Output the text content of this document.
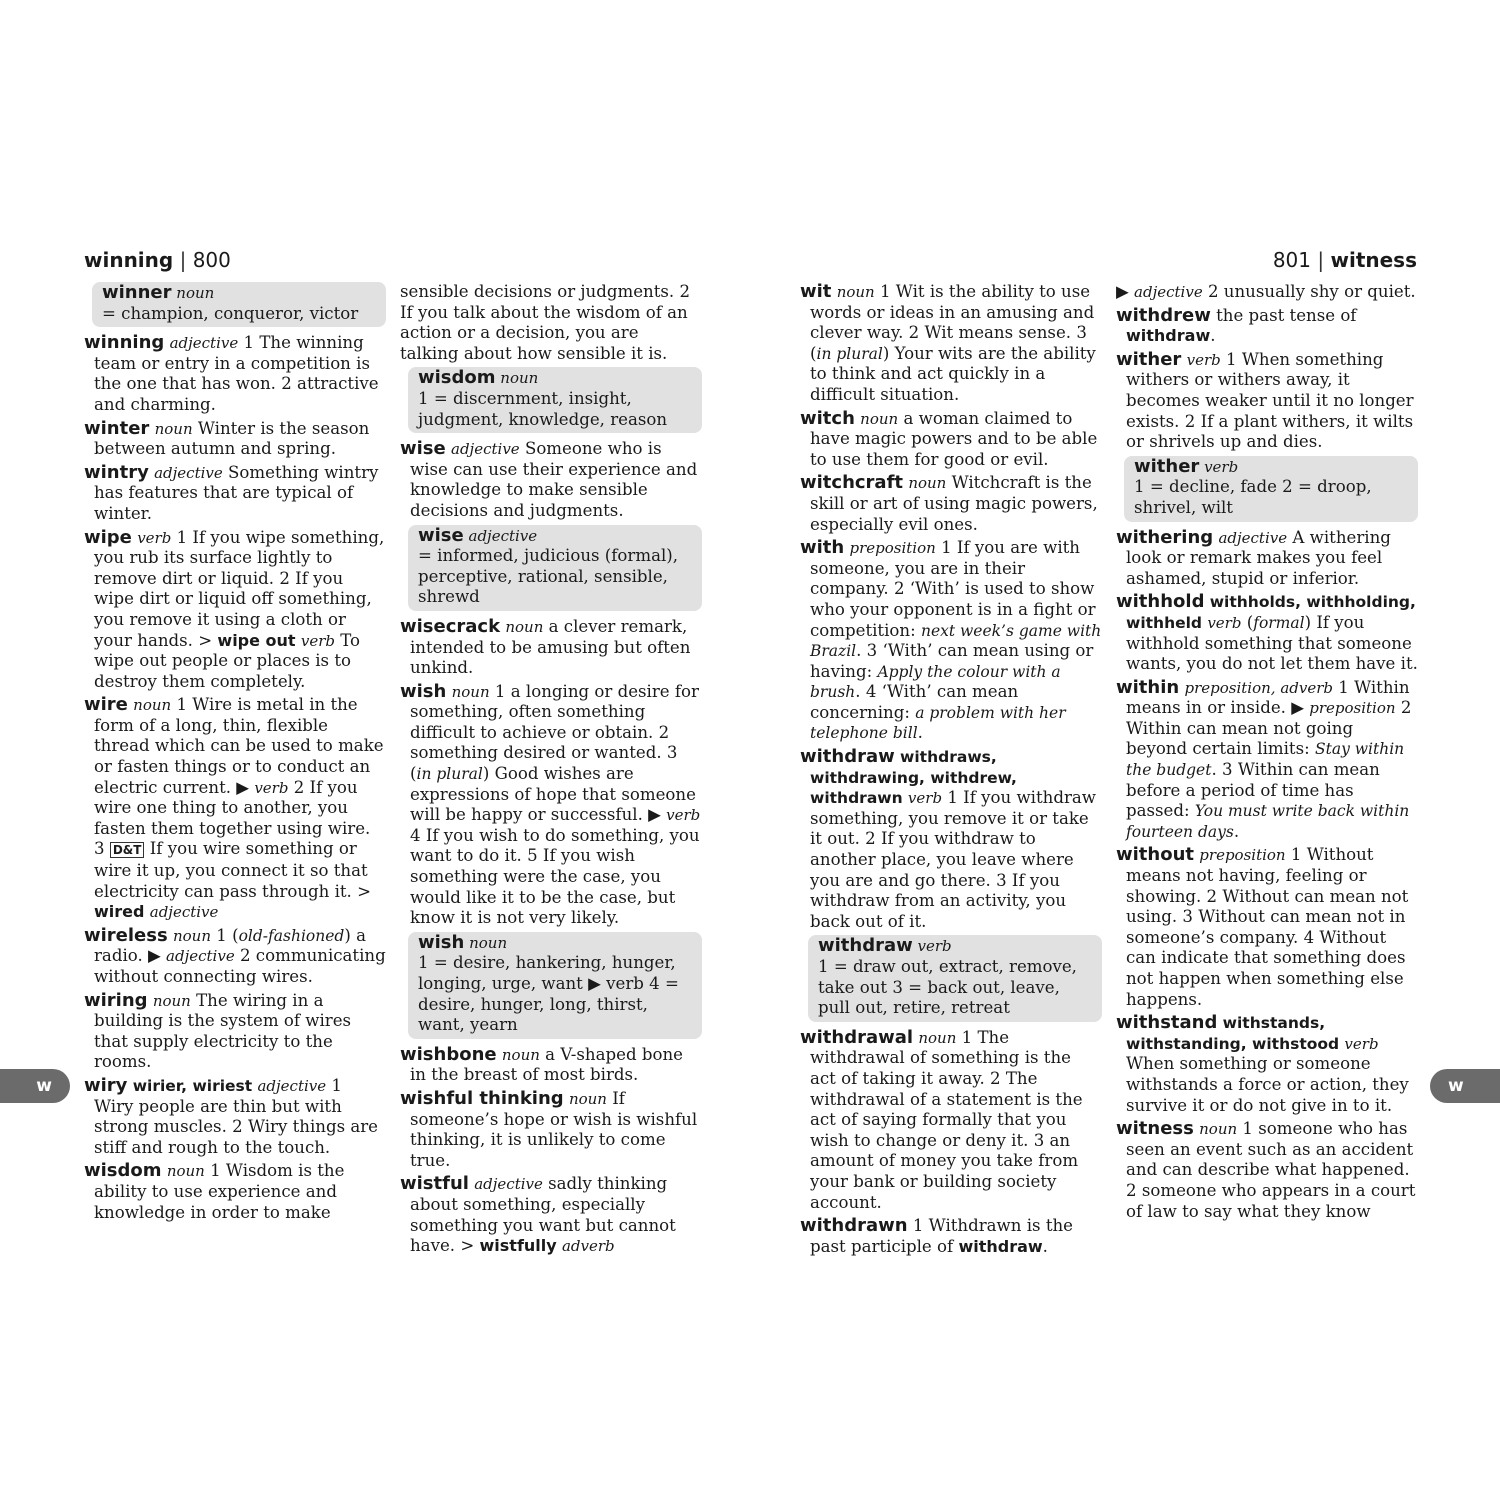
winning | 800
winner noun
= champion, conqueror, victor
winning adjective 1 The winning team or entry in a competition is the one that has won. 2 attractive and charming.
winter noun Winter is the season between autumn and spring.
wintry adjective Something wintry has features that are typical of winter.
wipe verb 1 If you wipe something, you rub its surface lightly to remove dirt or liquid. 2 If you wipe dirt or liquid off something, you remove it using a cloth or your hands. > wipe out verb To wipe out people or places is to destroy them completely.
wire noun 1 Wire is metal in the form of a long, thin, flexible thread which can be used to make or fasten things or to conduct an electric current. ▶ verb 2 If you wire one thing to another, you fasten them together using wire. 3 D&T If you wire something or wire it up, you connect it so that electricity can pass through it. > wired adjective
wireless noun 1 (old-fashioned) a radio. ▶ adjective 2 communicating without connecting wires.
wiring noun The wiring in a building is the system of wires that supply electricity to the rooms.
wiry wirier, wiriest adjective 1 Wiry people are thin but with strong muscles. 2 Wiry things are stiff and rough to the touch.
wisdom noun 1 Wisdom is the ability to use experience and knowledge in order to make
sensible decisions or judgments. 2 If you talk about the wisdom of an action or a decision, you are talking about how sensible it is.
wisdom noun
1 = discernment, insight, judgment, knowledge, reason
wise adjective Someone who is wise can use their experience and knowledge to make sensible decisions and judgments.
wise adjective
= informed, judicious (formal), perceptive, rational, sensible, shrewd
wisecrack noun a clever remark, intended to be amusing but often unkind.
wish noun 1 a longing or desire for something, often something difficult to achieve or obtain. 2 something desired or wanted. 3 (in plural) Good wishes are expressions of hope that someone will be happy or successful. ▶ verb 4 If you wish to do something, you want to do it. 5 If you wish something were the case, you would like it to be the case, but know it is not very likely.
wish noun
1 = desire, hankering, hunger, longing, urge, want ▶ verb 4 = desire, hunger, long, thirst, want, yearn
wishbone noun a V-shaped bone in the breast of most birds.
wishful thinking noun If someone’s hope or wish is wishful thinking, it is unlikely to come true.
wistful adjective sadly thinking about something, especially something you want but cannot have. > wistfully adverb
w
801 | witness
wit noun 1 Wit is the ability to use words or ideas in an amusing and clever way. 2 Wit means sense. 3 (in plural) Your wits are the ability to think and act quickly in a difficult situation.
witch noun a woman claimed to have magic powers and to be able to use them for good or evil.
witchcraft noun Witchcraft is the skill or art of using magic powers, especially evil ones.
with preposition 1 If you are with someone, you are in their company. 2 ‘With’ is used to show who your opponent is in a fight or competition: next week’s game with Brazil. 3 ‘With’ can mean using or having: Apply the colour with a brush. 4 ‘With’ can mean concerning: a problem with her telephone bill.
withdraw withdraws, withdrawing, withdrew, withdrawn verb 1 If you withdraw something, you remove it or take it out. 2 If you withdraw to another place, you leave where you are and go there. 3 If you withdraw from an activity, you back out of it.
withdraw verb
1 = draw out, extract, remove, take out 3 = back out, leave, pull out, retire, retreat
withdrawal noun 1 The withdrawal of something is the act of taking it away. 2 The withdrawal of a statement is the act of saying formally that you wish to change or deny it. 3 an amount of money you take from your bank or building society account.
withdrawn 1 Withdrawn is the past participle of withdraw.
▶ adjective 2 unusually shy or quiet.
withdrew the past tense of withdraw.
wither verb 1 When something withers or withers away, it becomes weaker until it no longer exists. 2 If a plant withers, it wilts or shrivels up and dies.
wither verb
1 = decline, fade 2 = droop, shrivel, wilt
withering adjective A withering look or remark makes you feel ashamed, stupid or inferior.
withhold withholds, withholding, withheld verb (formal) If you withhold something that someone wants, you do not let them have it.
within preposition, adverb 1 Within means in or inside. ▶ preposition 2 Within can mean not going beyond certain limits: Stay within the budget. 3 Within can mean before a period of time has passed: You must write back within fourteen days.
without preposition 1 Without means not having, feeling or showing. 2 Without can mean not using. 3 Without can mean not in someone’s company. 4 Without can indicate that something does not happen when something else happens.
withstand withstands, withstanding, withstood verb When something or someone withstands a force or action, they survive it or do not give in to it.
witness noun 1 someone who has seen an event such as an accident and can describe what happened. 2 someone who appears in a court of law to say what they know
w
